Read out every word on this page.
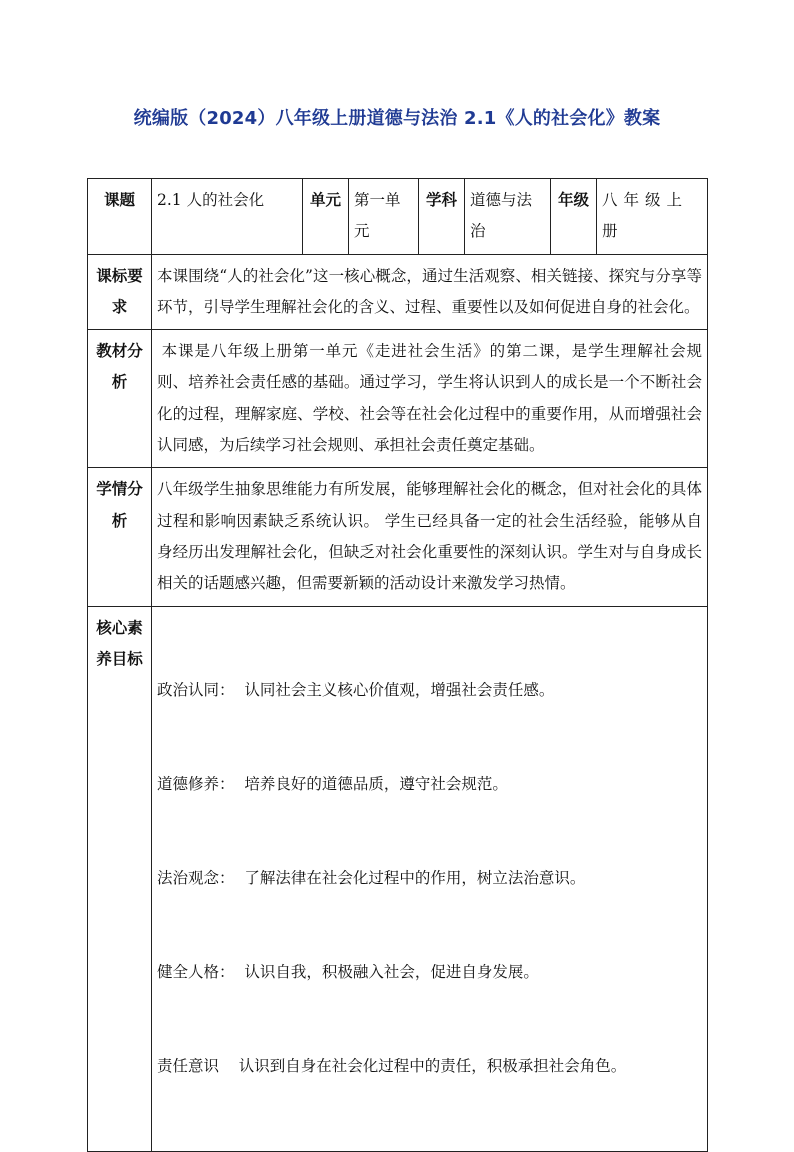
统编版（2024）八年级上册道德与法治 2.1《人的社会化》教案
课题	2.1 人的社会化	单元	第一单元	学科	道德与法治	年级	八年级上册
课标要求	本课围绕“人的社会化”这一核心概念，通过生活观察、相关链接、探究与分享等环节，引导学生理解社会化的含义、过程、重要性以及如何促进自身的社会化。						

教材分析	本课是八年级上册第一单元《走进社会生活》的第二课，是学生理解社会规则、培养社会责任感的基础。通过学习，学生将认识到人的成长是一个不断社会化的过程，理解家庭、学校、社会等在社会化过程中的重要作用，从而增强社会认同感，为后续学习社会规则、承担社会责任奠定基础。						

学情分析	八年级学生抽象思维能力有所发展，能够理解社会化的概念，但对社会化的具体过程和影响因素缺乏系统认识。 学生已经具备一定的社会生活经验，能够从自身经历出发理解社会化，但缺乏对社会化重要性的深刻认识。学生对与自身成长相关的话题感兴趣，但需要新颖的活动设计来激发学习热情。						

核心素养目标	政治认同：  认同社会主义核心价值观，增强社会责任感。

道德修养：  培养良好的道德品质，遵守社会规范。

法治观念：  了解法律在社会化过程中的作用，树立法治意识。

健全人格：  认识自我，积极融入社会，促进自身发展。

责任意识    认识到自身在社会化过程中的责任，积极承担社会角色。						
